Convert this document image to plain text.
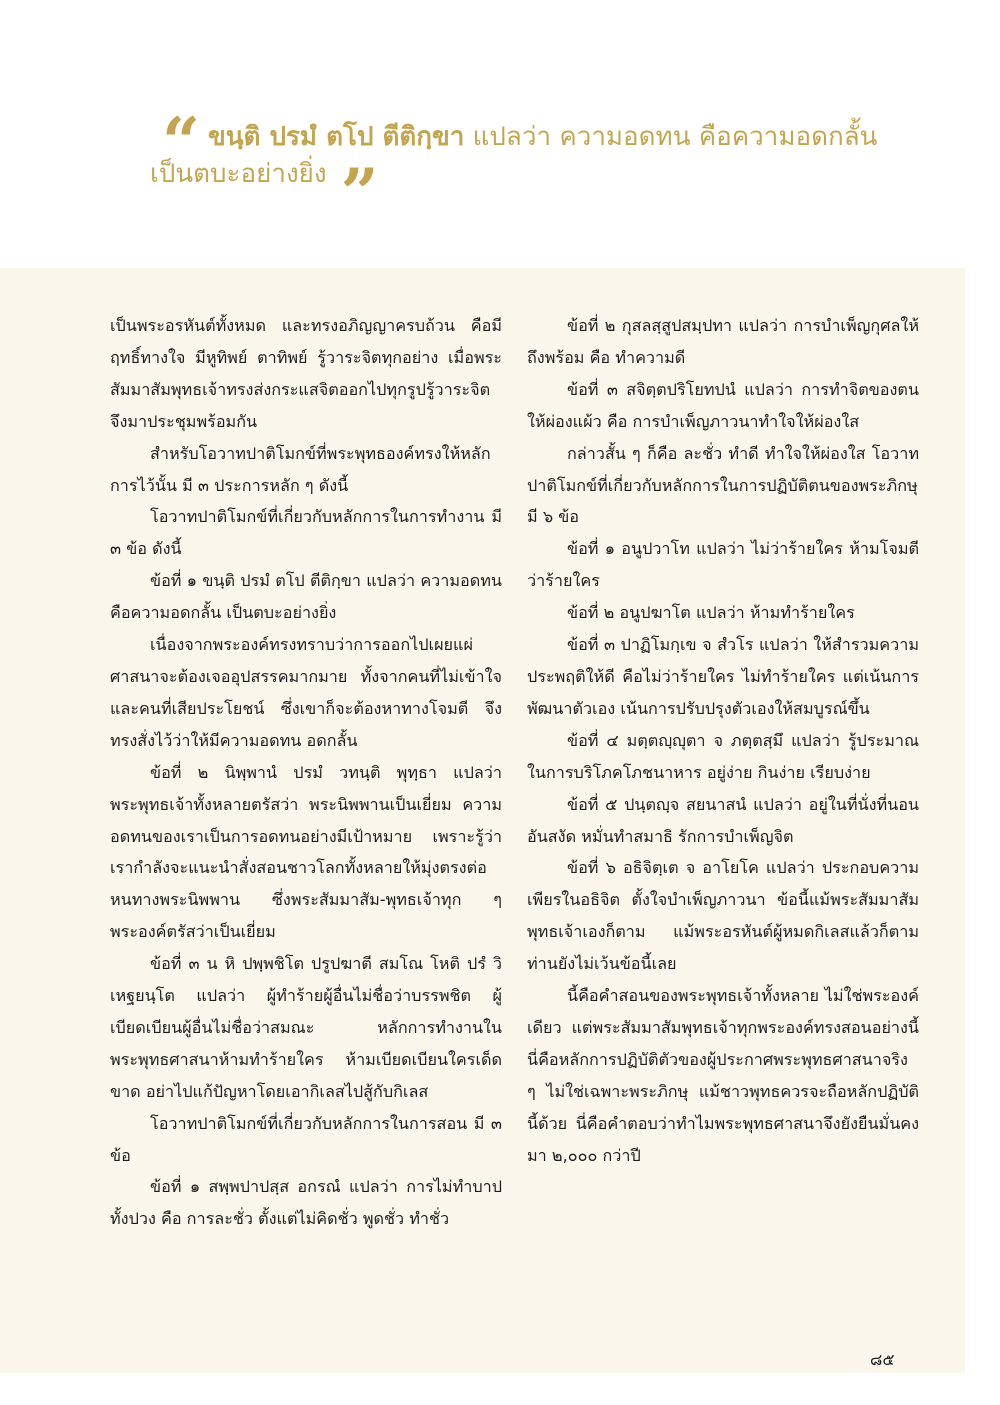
“ ขนฺติ ปรมํ ตโป ตีติกฺขา แปลว่า ความอดทน คือความอดกลั้น
เป็นตบะอย่างยิ่ง ”

เป็นพระอรหันต์ทั้งหมด และทรงอภิญญาครบถ้วน คือมีฤทธิ์ทางใจ มีหูทิพย์ ตาทิพย์ รู้วาระจิตทุกอย่าง เมื่อพระสัมมาสัมพุทธเจ้าทรงส่งกระแสจิตออกไปทุกรูปรู้วาระจิต จึงมาประชุมพร้อมกัน

สำหรับโอวาทปาติโมกข์ที่พระพุทธองค์ทรงให้หลักการไว้นั้น มี ๓ ประการหลัก ๆ ดังนี้

โอวาทปาติโมกข์ที่เกี่ยวกับหลักการในการทำงาน มี ๓ ข้อ ดังนี้

ข้อที่ ๑ ขนฺติ ปรมํ ตโป ตีติกฺขา แปลว่า ความอดทน คือความอดกลั้น เป็นตบะอย่างยิ่ง

เนื่องจากพระองค์ทรงทราบว่าการออกไปเผยแผ่ศาสนาจะต้องเจออุปสรรคมากมาย ทั้งจากคนที่ไม่เข้าใจและคนที่เสียประโยชน์ ซึ่งเขาก็จะต้องหาทางโจมตี จึงทรงสั่งไว้ว่าให้มีความอดทน อดกลั้น

ข้อที่ ๒ นิพฺพานํ ปรมํ วทนฺติ พุทฺธา แปลว่า พระพุทธเจ้าทั้งหลายตรัสว่า พระนิพพานเป็นเยี่ยม ความอดทนของเราเป็นการอดทนอย่างมีเป้าหมาย เพราะรู้ว่าเรากำลังจะแนะนำสั่งสอนชาวโลกทั้งหลายให้มุ่งตรงต่อหนทางพระนิพพาน ซึ่งพระสัมมาสัม-พุทธเจ้าทุก ๆ พระองค์ตรัสว่าเป็นเยี่ยม

ข้อที่ ๓ น หิ ปพฺพชิโต ปรูปฆาตี สมโณ โหติ ปรํ วิเหฐยนฺโต แปลว่า ผู้ทำร้ายผู้อื่นไม่ชื่อว่าบรรพชิต ผู้เบียดเบียนผู้อื่นไม่ชื่อว่าสมณะ หลักการทำงานในพระพุทธศาสนาห้ามทำร้ายใคร ห้ามเบียดเบียนใครเด็ดขาด อย่าไปแก้ปัญหาโดยเอากิเลสไปสู้กับกิเลส

โอวาทปาติโมกข์ที่เกี่ยวกับหลักการในการสอน มี ๓ ข้อ

ข้อที่ ๑ สพฺพปาปสฺส อกรณํ แปลว่า การไม่ทำบาปทั้งปวง คือ การละชั่ว ตั้งแต่ไม่คิดชั่ว พูดชั่ว ทำชั่ว

ข้อที่ ๒ กุสลสฺสูปสมฺปทา แปลว่า การบำเพ็ญกุศลให้ถึงพร้อม คือ ทำความดี

ข้อที่ ๓ สจิตฺตปริโยทปนํ แปลว่า การทำจิตของตนให้ผ่องแผ้ว คือ การบำเพ็ญภาวนาทำใจให้ผ่องใส

กล่าวสั้น ๆ ก็คือ ละชั่ว ทำดี ทำใจให้ผ่องใส โอวาทปาติโมกข์ที่เกี่ยวกับหลักการในการปฏิบัติตนของพระภิกษุ มี ๖ ข้อ

ข้อที่ ๑ อนูปวาโท แปลว่า ไม่ว่าร้ายใคร ห้ามโจมตีว่าร้ายใคร

ข้อที่ ๒ อนูปฆาโต แปลว่า ห้ามทำร้ายใคร

ข้อที่ ๓ ปาฏิโมกฺเข จ สํวโร แปลว่า ให้สำรวมความประพฤติให้ดี คือไม่ว่าร้ายใคร ไม่ทำร้ายใคร แต่เน้นการพัฒนาตัวเอง เน้นการปรับปรุงตัวเองให้สมบูรณ์ขึ้น

ข้อที่ ๔ มตฺตญฺญุตา จ ภตฺตสฺมึ แปลว่า รู้ประมาณในการบริโภคโภชนาหาร อยู่ง่าย กินง่าย เรียบง่าย

ข้อที่ ๕ ปนฺตญฺจ สยนาสนํ แปลว่า อยู่ในที่นั่งที่นอนอันสงัด หมั่นทำสมาธิ รักการบำเพ็ญจิต

ข้อที่ ๖ อธิจิตฺเต จ อาโยโค แปลว่า ประกอบความเพียรในอธิจิต ตั้งใจบำเพ็ญภาวนา ข้อนี้แม้พระสัมมาสัมพุทธเจ้าเองก็ตาม แม้พระอรหันต์ผู้หมดกิเลสแล้วก็ตาม ท่านยังไม่เว้นข้อนี้เลย

นี้คือคำสอนของพระพุทธเจ้าทั้งหลาย ไม่ใช่พระองค์เดียว แต่พระสัมมาสัมพุทธเจ้าทุกพระองค์ทรงสอนอย่างนี้ นี่คือหลักการปฏิบัติตัวของผู้ประกาศพระพุทธศาสนาจริง ๆ ไม่ใช่เฉพาะพระภิกษุ แม้ชาวพุทธควรจะถือหลักปฏิบัตินี้ด้วย นี่คือคำตอบว่าทำไมพระพุทธศาสนาจึงยังยืนมั่นคงมา ๒,๐๐๐ กว่าปี

๘๕
